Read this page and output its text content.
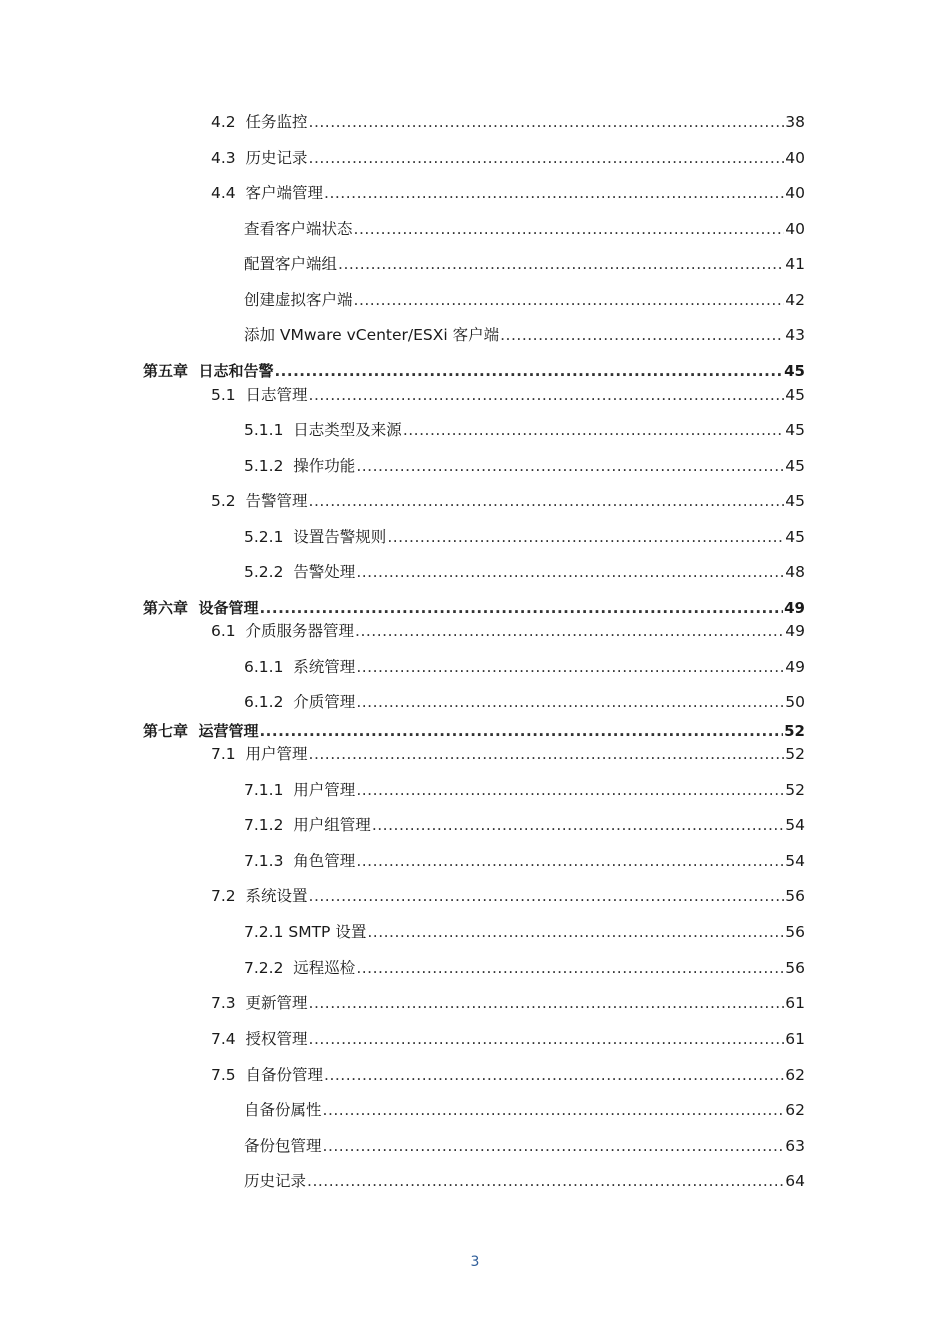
4.2 任务监控 .....	38
4.3 历史记录 .....	40
4.4 客户端管理 .....	40
查看客户端状态 .....	40
配置客户端组 .....	41
创建虚拟客户端 .....	42
添加 VMware vCenter/ESXi 客户端 .....	43
第五章 日志和告警 .....	45
5.1 日志管理 .....	45
5.1.1 日志类型及来源 .....	45
5.1.2 操作功能 .....	45
5.2 告警管理 .....	45
5.2.1 设置告警规则 .....	45
5.2.2 告警处理 .....	48
第六章 设备管理 .....	49
6.1 介质服务器管理 .....	49
6.1.1 系统管理 .....	49
6.1.2 介质管理 .....	50
第七章 运营管理 .....	52
7.1 用户管理 .....	52
7.1.1 用户管理 .....	52
7.1.2 用户组管理 .....	54
7.1.3 角色管理 .....	54
7.2 系统设置 .....	56
7.2.1 SMTP 设置 .....	56
7.2.2 远程巡检 .....	56
7.3 更新管理 .....	61
7.4 授权管理 .....	61
7.5 自备份管理 .....	62
自备份属性 .....	62
备份包管理 .....	63
历史记录 .....	64
3
